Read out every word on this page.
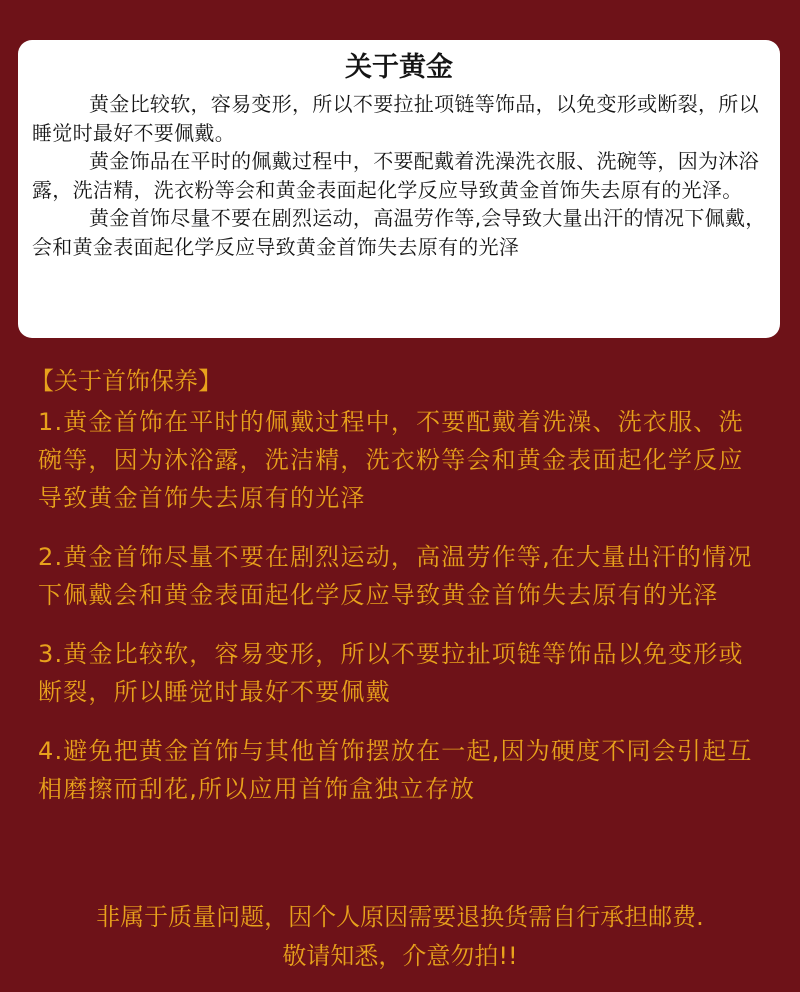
关于黄金

黄金比较软，容易变形，所以不要拉扯项链等饰品，以免变形或断裂，所以睡觉时最好不要佩戴。

黄金饰品在平时的佩戴过程中，不要配戴着洗澡洗衣服、洗碗等，因为沐浴露，洗洁精，洗衣粉等会和黄金表面起化学反应导致黄金首饰失去原有的光泽。

黄金首饰尽量不要在剧烈运动，高温劳作等,会导致大量出汗的情况下佩戴，会和黄金表面起化学反应导致黄金首饰失去原有的光泽

【关于首饰保养】

1.黄金首饰在平时的佩戴过程中，不要配戴着洗澡、洗衣服、洗碗等，因为沐浴露，洗洁精，洗衣粉等会和黄金表面起化学反应导致黄金首饰失去原有的光泽

2.黄金首饰尽量不要在剧烈运动，高温劳作等,在大量出汗的情况下佩戴会和黄金表面起化学反应导致黄金首饰失去原有的光泽

3.黄金比较软，容易变形，所以不要拉扯项链等饰品以免变形或断裂，所以睡觉时最好不要佩戴

4.避免把黄金首饰与其他首饰摆放在一起,因为硬度不同会引起互相磨擦而刮花,所以应用首饰盒独立存放

非属于质量问题，因个人原因需要退换货需自行承担邮费.

敬请知悉，介意勿拍!!
